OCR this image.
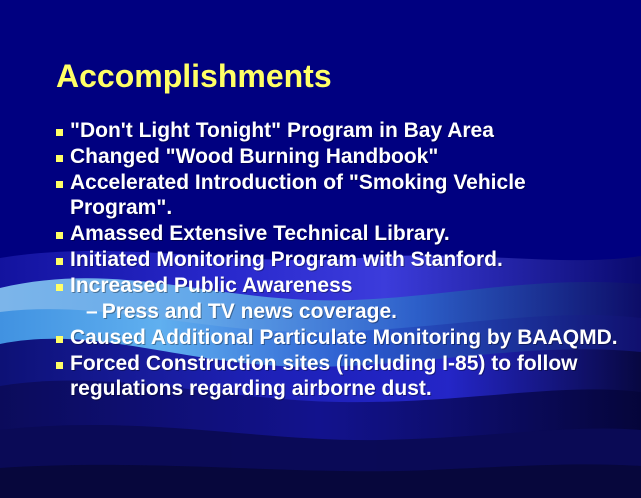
Accomplishments
"Don't Light Tonight" Program in Bay Area
Changed "Wood Burning Handbook"
Accelerated Introduction of "Smoking Vehicle Program".
Amassed Extensive Technical Library.
Initiated Monitoring Program with Stanford.
Increased Public Awareness
– Press and TV news coverage.
Caused Additional Particulate Monitoring by BAAQMD.
Forced Construction sites (including I-85) to follow regulations regarding airborne dust.
